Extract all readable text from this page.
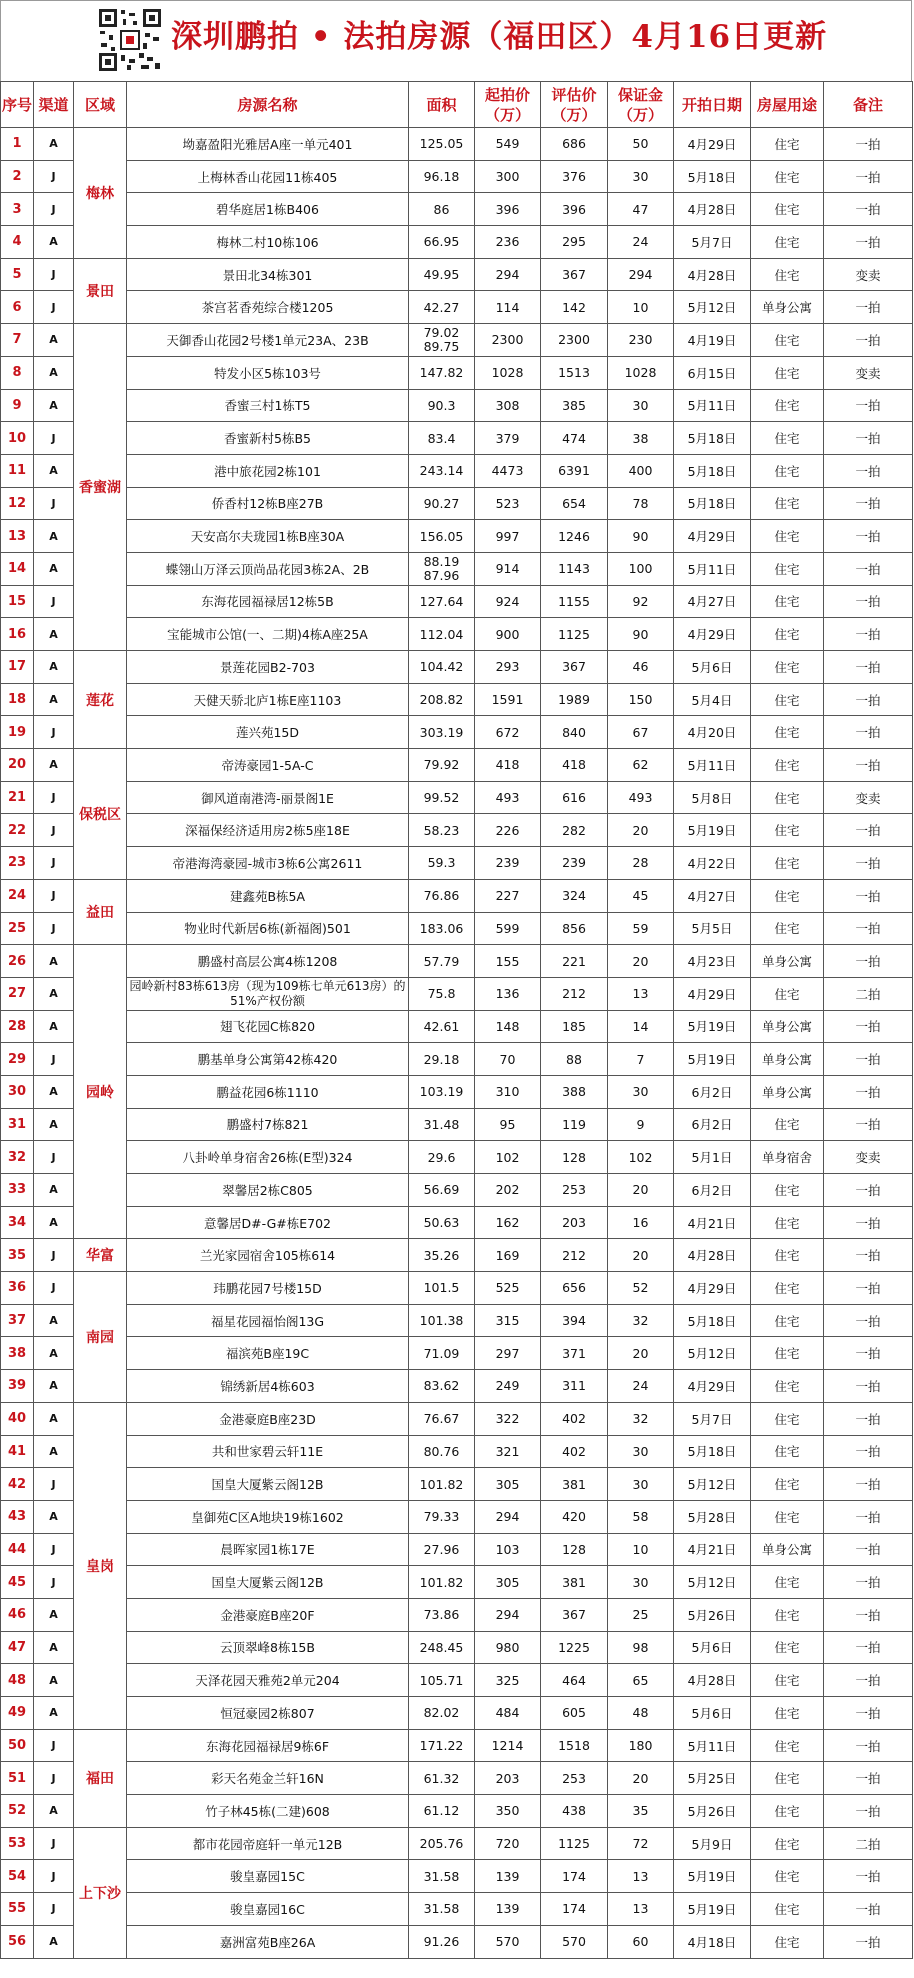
深圳鹏拍 • 法拍房源（福田区）4月16日更新
序号	渠道	区域	房源名称	面积	起拍价（万）	评估价（万）	保证金（万）	开拍日期	房屋用途	备注
1	A	梅林	坳嘉盈阳光雅居A座一单元401	125.05	549	686	50	4月29日	住宅	一拍
2	J		上梅林香山花园11栋405	96.18	300	376	30	5月18日	住宅	一拍
3	J		碧华庭居1栋B406	86	396	396	47	4月28日	住宅	一拍
4	A		梅林二村10栋106	66.95	236	295	24	5月7日	住宅	一拍
5	J	景田	景田北34栋301	49.95	294	367	294	4月28日	住宅	变卖
6	J		茶宫茗香苑综合楼1205	42.27	114	142	10	5月12日	单身公寓	一拍
7	A	香蜜湖	天御香山花园2号楼1单元23A、23B	79.02
89.75	2300	2300	230	4月19日	住宅	一拍
8	A		特发小区5栋103号	147.82	1028	1513	1028	6月15日	住宅	变卖
9	A		香蜜三村1栋T5	90.3	308	385	30	5月11日	住宅	一拍
10	J		香蜜新村5栋B5	83.4	379	474	38	5月18日	住宅	一拍
11	A		港中旅花园2栋101	243.14	4473	6391	400	5月18日	住宅	一拍
12	J		侨香村12栋B座27B	90.27	523	654	78	5月18日	住宅	一拍
13	A		天安高尔夫珑园1栋B座30A	156.05	997	1246	90	4月29日	住宅	一拍
14	A		蝶翎山万泽云顶尚品花园3栋2A、2B	88.19
87.96	914	1143	100	5月11日	住宅	一拍
15	J		东海花园福禄居12栋5B	127.64	924	1155	92	4月27日	住宅	一拍
16	A		宝能城市公馆(一、二期)4栋A座25A	112.04	900	1125	90	4月29日	住宅	一拍
17	A	莲花	景莲花园B2-703	104.42	293	367	46	5月6日	住宅	一拍
18	A		天健天骄北庐1栋E座1103	208.82	1591	1989	150	5月4日	住宅	一拍
19	J		莲兴苑15D	303.19	672	840	67	4月20日	住宅	一拍
20	A	保税区	帝涛豪园1-5A-C	79.92	418	418	62	5月11日	住宅	一拍
21	J		御风道南港湾-丽景阁1E	99.52	493	616	493	5月8日	住宅	变卖
22	J		深福保经济适用房2栋5座18E	58.23	226	282	20	5月19日	住宅	一拍
23	J		帝港海湾豪园-城市3栋6公寓2611	59.3	239	239	28	4月22日	住宅	一拍
24	J	益田	建鑫苑B栋5A	76.86	227	324	45	4月27日	住宅	一拍
25	J		物业时代新居6栋(新福阁)501	183.06	599	856	59	5月5日	住宅	一拍
26	A	园岭	鹏盛村高层公寓4栋1208	57.79	155	221	20	4月23日	单身公寓	一拍
27	A		园岭新村83栋613房（现为109栋七单元613房）的51%产权份额	75.8	136	212	13	4月29日	住宅	二拍
28	A		翅飞花园C栋820	42.61	148	185	14	5月19日	单身公寓	一拍
29	J		鹏基单身公寓第42栋420	29.18	70	88	7	5月19日	单身公寓	一拍
30	A		鹏益花园6栋1110	103.19	310	388	30	6月2日	单身公寓	一拍
31	A		鹏盛村7栋821	31.48	95	119	9	6月2日	住宅	一拍
32	J		八卦岭单身宿舍26栋(E型)324	29.6	102	128	102	5月1日	单身宿舍	变卖
33	A		翠馨居2栋C805	56.69	202	253	20	6月2日	住宅	一拍
34	A		意馨居D#-G#栋E702	50.63	162	203	16	4月21日	住宅	一拍
35	J	华富	兰光家园宿舍105栋614	35.26	169	212	20	4月28日	住宅	一拍
36	J	南园	玮鹏花园7号楼15D	101.5	525	656	52	4月29日	住宅	一拍
37	A		福星花园福怡阁13G	101.38	315	394	32	5月18日	住宅	一拍
38	A		福滨苑B座19C	71.09	297	371	20	5月12日	住宅	一拍
39	A		锦绣新居4栋603	83.62	249	311	24	4月29日	住宅	一拍
40	A	皇岗	金港豪庭B座23D	76.67	322	402	32	5月7日	住宅	一拍
41	A		共和世家碧云轩11E	80.76	321	402	30	5月18日	住宅	一拍
42	J		国皇大厦紫云阁12B	101.82	305	381	30	5月12日	住宅	一拍
43	A		皇御苑C区A地块19栋1602	79.33	294	420	58	5月28日	住宅	一拍
44	J		晨晖家园1栋17E	27.96	103	128	10	4月21日	单身公寓	一拍
45	J		国皇大厦紫云阁12B	101.82	305	381	30	5月12日	住宅	一拍
46	A		金港豪庭B座20F	73.86	294	367	25	5月26日	住宅	一拍
47	A		云顶翠峰8栋15B	248.45	980	1225	98	5月6日	住宅	一拍
48	A		天泽花园天雅苑2单元204	105.71	325	464	65	4月28日	住宅	一拍
49	A		恒冠豪园2栋807	82.02	484	605	48	5月6日	住宅	一拍
50	J	福田	东海花园福禄居9栋6F	171.22	1214	1518	180	5月11日	住宅	一拍
51	J		彩天名苑金兰轩16N	61.32	203	253	20	5月25日	住宅	一拍
52	A		竹子林45栋(二建)608	61.12	350	438	35	5月26日	住宅	一拍
53	J	上下沙	都市花园帝庭轩一单元12B	205.76	720	1125	72	5月9日	住宅	二拍
54	J		骏皇嘉园15C	31.58	139	174	13	5月19日	住宅	一拍
55	J		骏皇嘉园16C	31.58	139	174	13	5月19日	住宅	一拍
56	A		嘉洲富苑B座26A	91.26	570	570	60	4月18日	住宅	一拍
